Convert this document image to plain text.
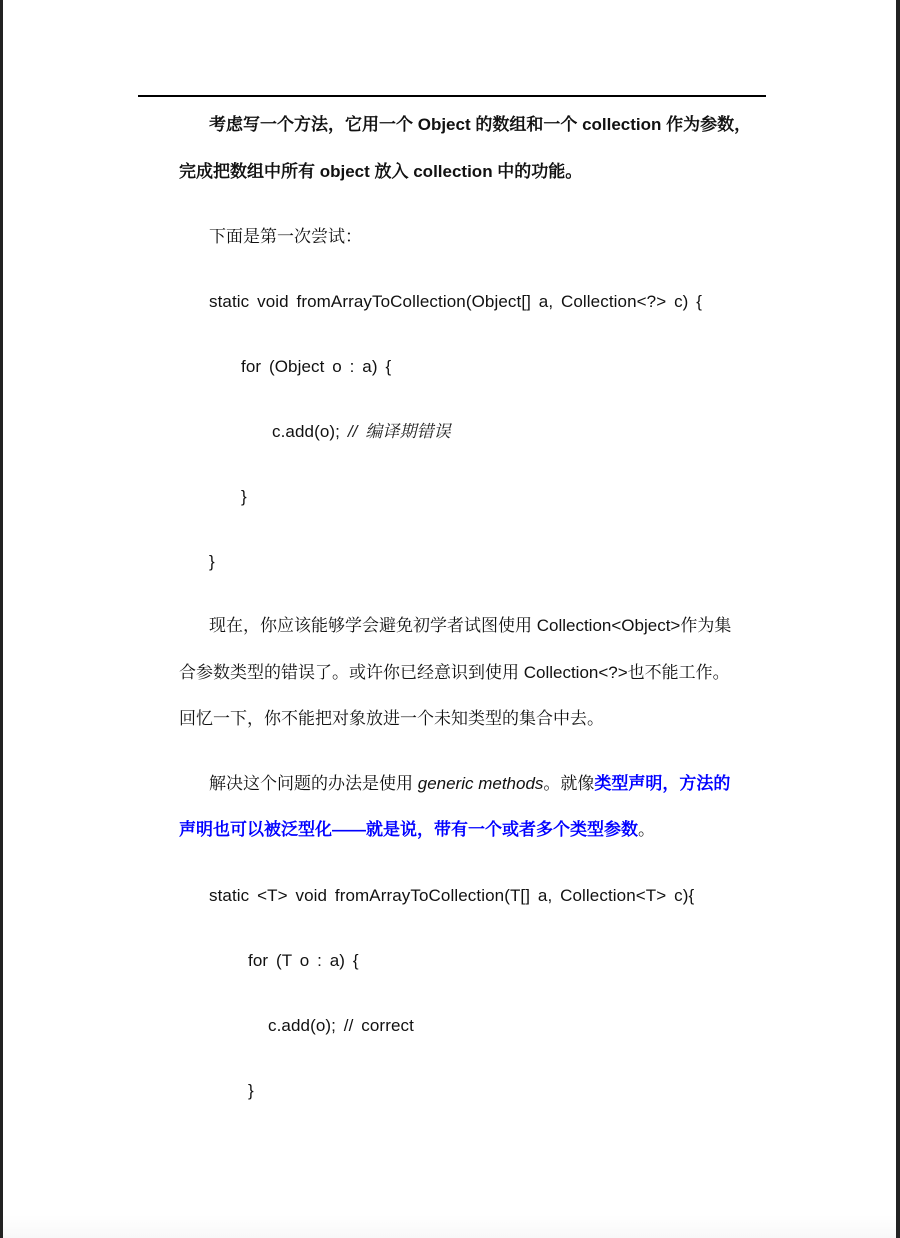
考虑写一个方法，它用一个 Object 的数组和一个 collection 作为参数，
完成把数组中所有 object 放入 collection 中的功能。
下面是第一次尝试：
static void fromArrayToCollection(Object[] a, Collection<?> c) {
for (Object o : a) {
c.add(o); // 编译期错误
}
}
现在，你应该能够学会避免初学者试图使用 Collection<Object>作为集
合参数类型的错误了。或许你已经意识到使用 Collection<?>也不能工作。
回忆一下，你不能把对象放进一个未知类型的集合中去。
解决这个问题的办法是使用 generic methods。就像类型声明，方法的
声明也可以被泛型化——就是说，带有一个或者多个类型参数。
static <T> void fromArrayToCollection(T[] a, Collection<T> c){
for (T o : a) {
c.add(o); // correct
}
